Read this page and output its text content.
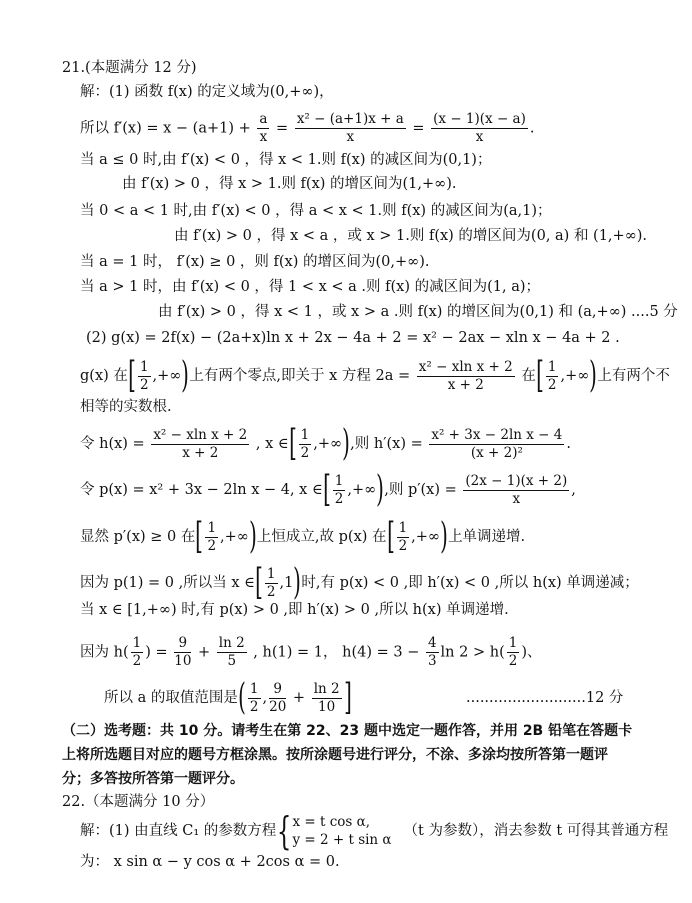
21.(本题满分 12 分)
解：(1) 函数 f(x) 的定义域为(0,+∞)，
所以 $f'(x) = x - (a+1) + \frac{a}{x} = \frac{\text{x² − (a+1)x + a}}{x} = \frac{(x - 1)(x - a)}{x}$ .
当 a ≤ 0 时,由 f′(x) < 0 ，得 x < 1.则 f(x) 的减区间为(0,1)；
由 f′(x) > 0 ，得 x > 1.则 f(x) 的增区间为(1,+∞).
当 0 < a < 1 时,由 f′(x) < 0 ，得 a < x < 1.则 f(x) 的减区间为(a,1)；
由 f′(x) > 0 ，得 x < a ，或 x > 1.则 f(x) 的增区间为(0, a) 和 (1,+∞).
当 a = 1 时， f′(x) ≥ 0 ，则 f(x) 的增区间为(0,+∞).
当 a > 1 时，由 f′(x) < 0 ，得 1 < x < a .则 f(x) 的减区间为(1, a)；
由 f′(x) > 0 ，得 x < 1 ，或 x > a .则 f(x) 的增区间为(0,1) 和 (a,+∞) ....5 分
(2) g(x) = 2f(x) − (2a+x)ln x + 2x − 4a + 2 = x² − 2ax − xln x − 4a + 2 .
g(x) 在[ $\frac{1}{2}$ ,+∞)上有两个零点,即关于 x 方程 $2a = \frac{\text{x² − xln x + 2}}{x + 2}$ 在[ $\frac{1}{2}$ ,+∞)上有两个不
相等的实数根.
令 $h(x) = \frac{\text{x² − xln x + 2}}{x + 2}$ , x ∈[ $\frac{1}{2}$ ,+∞),则 $h'(x) = \frac{\text{x² + 3x − 2ln x − 4}}{\text{(x + 2)²}}$ .
令 p(x) = x² + 3x − 2ln x − 4, x ∈[ $\frac{1}{2}$ ,+∞),则 $p'(x) = \frac{(2x - 1)(x + 2)}{x}$ ,
显然 p′(x) ≥ 0 在[ $\frac{1}{2}$ ,+∞)上恒成立,故 p(x) 在[ $\frac{1}{2}$ ,+∞)上单调递增.
因为 p(1) = 0 ,所以当 x ∈[ $\frac{1}{2} ,1$)时,有 p(x) < 0 ,即 h′(x) < 0 ,所以 h(x) 单调递减；
当 x ∈ [1,+∞) 时,有 p(x) > 0 ,即 h′(x) > 0 ,所以 h(x) 单调递增.
因为 $h( \frac{1}{2}$ ) = $\frac{9}{10} + \frac{\ln 2}{5}$ , h(1) = 1， $h(4) = 3 - \frac{4}{3}$ $\ln 2 > h( \frac{1}{2}$ )、
所以 a 的取值范围是( $\frac{1}{2}$ , $\frac{9}{20} + \frac{\ln 2}{10}$ ]	..........................12 分
（二）选考题：共 10 分。请考生在第 22、23 题中选定一题作答，并用 2B 铅笔在答题卡
上将所选题目对应的题号方框涂黑。按所涂题号进行评分，不涂、多涂均按所答第一题评
分；多答按所答第一题评分。
22.（本题满分 10 分）
解：(1) 由直线 C₁ 的参数方程{ x = t cos α,
y = 2 + t sin α
（t 为参数），消去参数 t 可得其普通方程
为： x sin α − y cos α + 2cos α = 0.
